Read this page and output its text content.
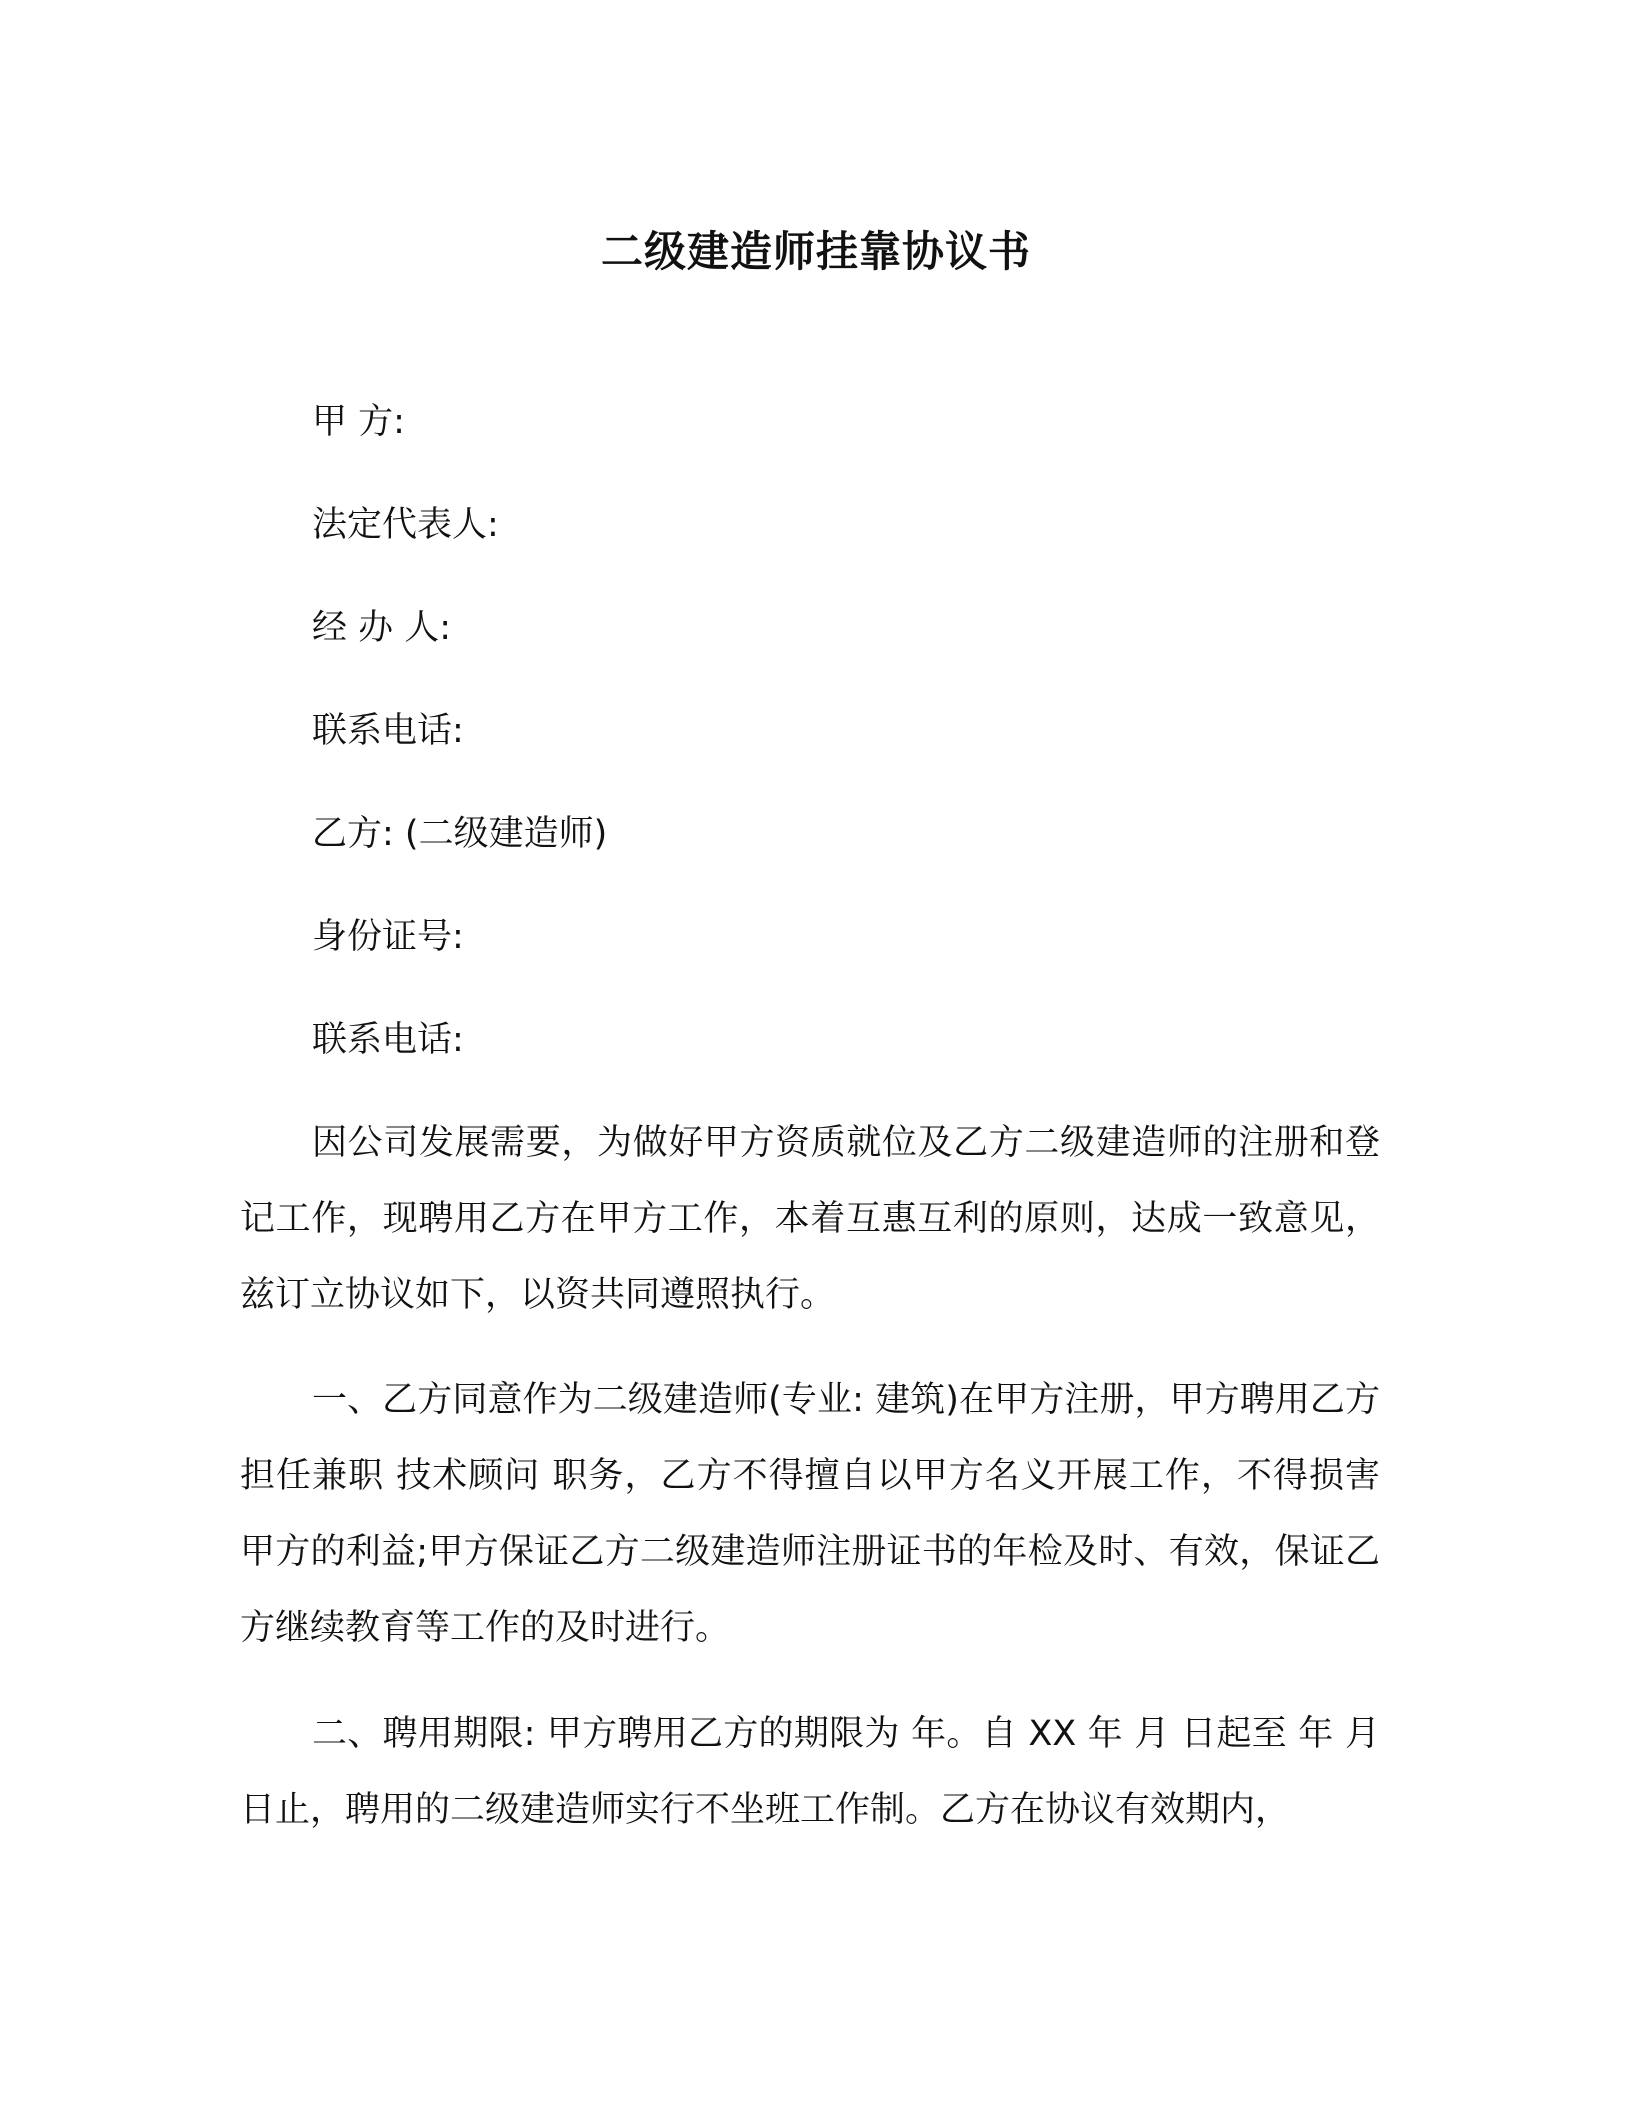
二级建造师挂靠协议书
甲 方:
法定代表人:
经 办 人:
联系电话:
乙方: (二级建造师)
身份证号:
联系电话:
因公司发展需要，为做好甲方资质就位及乙方二级建造师的注册和登记工作，现聘用乙方在甲方工作，本着互惠互利的原则，达成一致意见，兹订立协议如下，以资共同遵照执行。
一、乙方同意作为二级建造师(专业: 建筑)在甲方注册，甲方聘用乙方担任兼职 技术顾问 职务，乙方不得擅自以甲方名义开展工作，不得损害甲方的利益;甲方保证乙方二级建造师注册证书的年检及时、有效，保证乙方继续教育等工作的及时进行。
二、聘用期限: 甲方聘用乙方的期限为 年。自 XX 年 月 日起至 年 月 日止，聘用的二级建造师实行不坐班工作制。乙方在协议有效期内，
